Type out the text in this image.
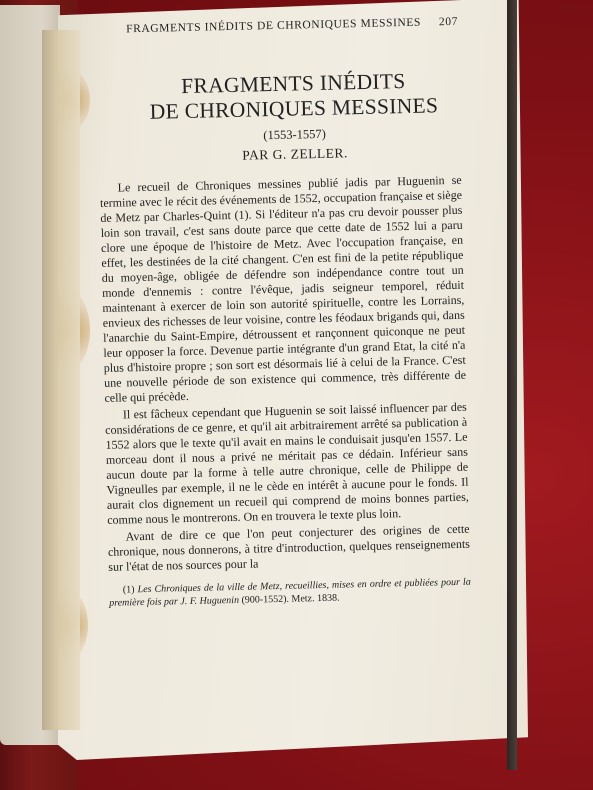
FRAGMENTS INÉDITS DE CHRONIQUES MESSINES 207
FRAGMENTS INÉDITS
DE CHRONIQUES MESSINES
(1553-1557)
PAR G. ZELLER.

Le recueil de Chroniques messines publié jadis par Huguenin se termine avec le récit des événements de 1552, occupation française et siège de Metz par Charles-Quint (1). Si l'éditeur n'a pas cru devoir pousser plus loin son travail, c'est sans doute parce que cette date de 1552 lui a paru clore une époque de l'histoire de Metz. Avec l'occupation française, en effet, les destinées de la cité changent. C'en est fini de la petite république du moyen-âge, obligée de défendre son indépendance contre tout un monde d'ennemis : contre l'évêque, jadis seigneur temporel, réduit maintenant à exercer de loin son autorité spirituelle, contre les Lorrains, envieux des richesses de leur voisine, contre les féodaux brigands qui, dans l'anarchie du Saint-Empire, détroussent et rançonnent quiconque ne peut leur opposer la force. Devenue partie intégrante d'un grand Etat, la cité n'a plus d'histoire propre ; son sort est désormais lié à celui de la France. C'est une nouvelle période de son existence qui commence, très différente de celle qui précède.

Il est fâcheux cependant que Huguenin se soit laissé influencer par des considérations de ce genre, et qu'il ait arbitrairement arrêté sa publication à 1552 alors que le texte qu'il avait en mains le conduisait jusqu'en 1557. Le morceau dont il nous a privé ne méritait pas ce dédain. Inférieur sans aucun doute par la forme à telle autre chronique, celle de Philippe de Vigneulles par exemple, il ne le cède en intérêt à aucune pour le fonds. Il aurait clos dignement un recueil qui comprend de moins bonnes parties, comme nous le montrerons. On en trouvera le texte plus loin.

Avant de dire ce que l'on peut conjecturer des origines de cette chronique, nous donnerons, à titre d'introduction, quelques renseignements sur l'état de nos sources pour la

(1) Les Chroniques de la ville de Metz, recueillies, mises en ordre et publiées pour la première fois par J. F. Huguenin (900-1552). Metz. 1838.
